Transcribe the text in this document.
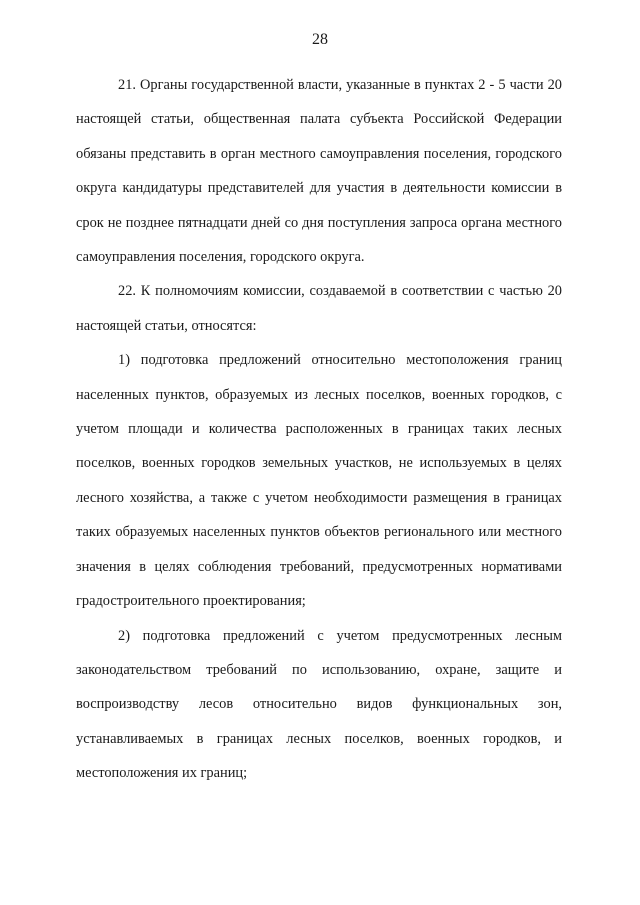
28

21. Органы государственной власти, указанные в пунктах 2 - 5 части 20 настоящей статьи, общественная палата субъекта Российской Федерации обязаны представить в орган местного самоуправления поселения, городского округа кандидатуры представителей для участия в деятельности комиссии в срок не позднее пятнадцати дней со дня поступления запроса органа местного самоуправления поселения, городского округа.

22. К полномочиям комиссии, создаваемой в соответствии с частью 20 настоящей статьи, относятся:

1) подготовка предложений относительно местоположения границ населенных пунктов, образуемых из лесных поселков, военных городков, с учетом площади и количества расположенных в границах таких лесных поселков, военных городков земельных участков, не используемых в целях лесного хозяйства, а также с учетом необходимости размещения в границах таких образуемых населенных пунктов объектов регионального или местного значения в целях соблюдения требований, предусмотренных нормативами градостроительного проектирования;

2) подготовка предложений с учетом предусмотренных лесным законодательством требований по использованию, охране, защите и воспроизводству лесов относительно видов функциональных зон, устанавливаемых в границах лесных поселков, военных городков, и местоположения их границ;
